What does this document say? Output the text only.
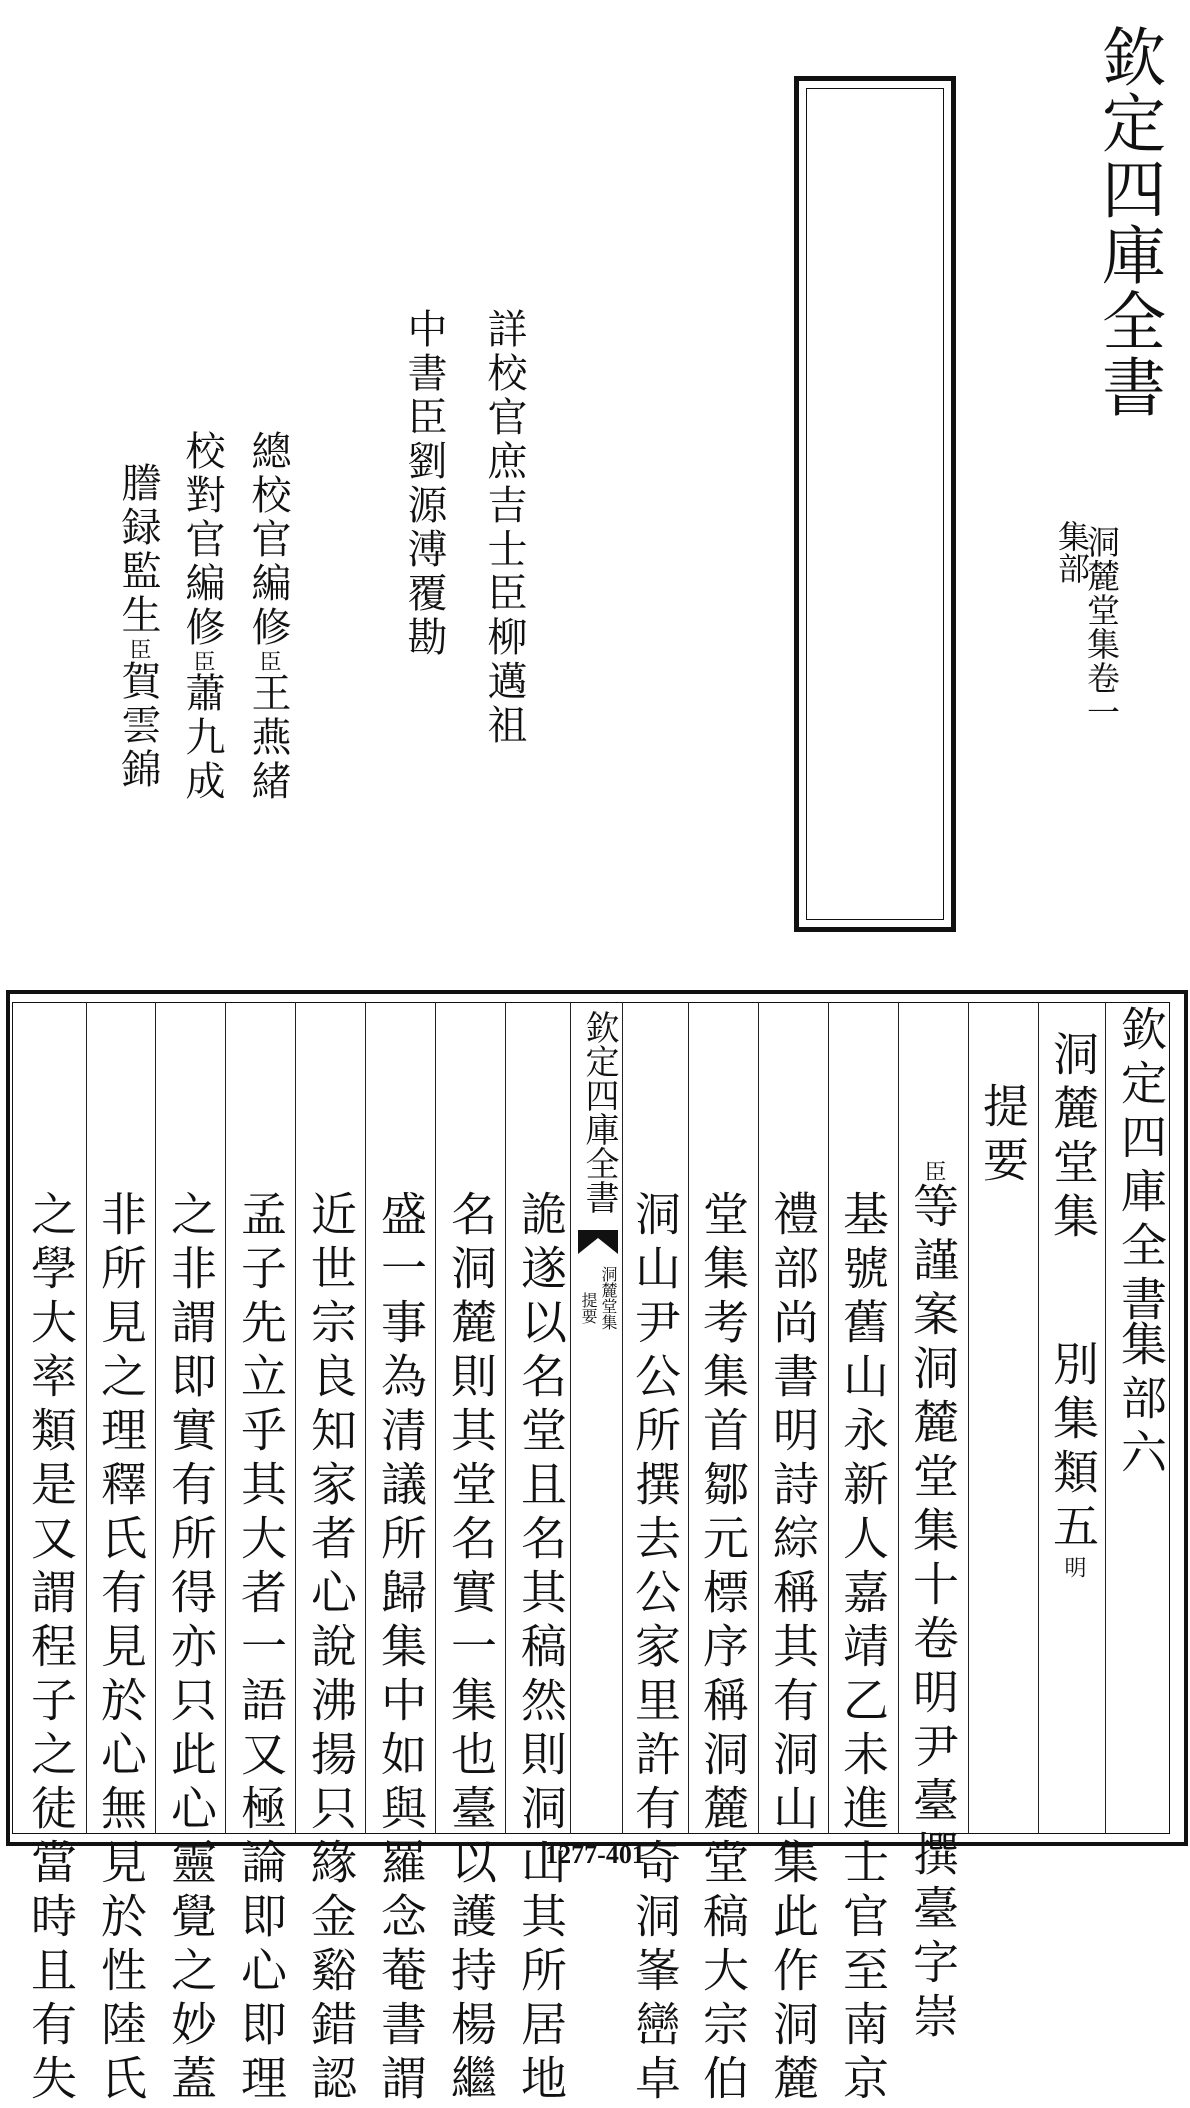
欽定四庫全書

集部

洞麓堂集卷一

詳校官庶吉士臣柳邁祖

中書臣劉源溥覆勘

總校官編修臣王燕緒
校對官編修臣蕭九成
謄録監生臣賀雲錦

欽定四庫全書

集部六

洞麓堂集

別集類五明

提要

臣等謹案洞麓堂集十卷明尹臺撰臺字崇

基號舊山永新人嘉靖乙未進士官至南京

禮部尚書明詩綜稱其有洞山集此作洞麓

堂集考集首鄒元標序稱洞麓堂稿大宗伯

洞山尹公所撰去公家里許有奇洞峯巒卓

欽定四庫全書

洞麓堂集

提要

詭遂以名堂且名其稿然則洞山其所居地

名洞麓則其堂名實一集也臺以護持楊繼

盛一事為清議所歸集中如與羅念菴書謂

近世宗良知家者心說沸揚只緣金谿錯認

孟子先立乎其大者一語又極論即心即理

之非謂即實有所得亦只此心靈覺之妙蓋

非所見之理釋氏有見於心無見於性陸氏

之學大率類是又謂程子之徒當時且有失	1277-401
